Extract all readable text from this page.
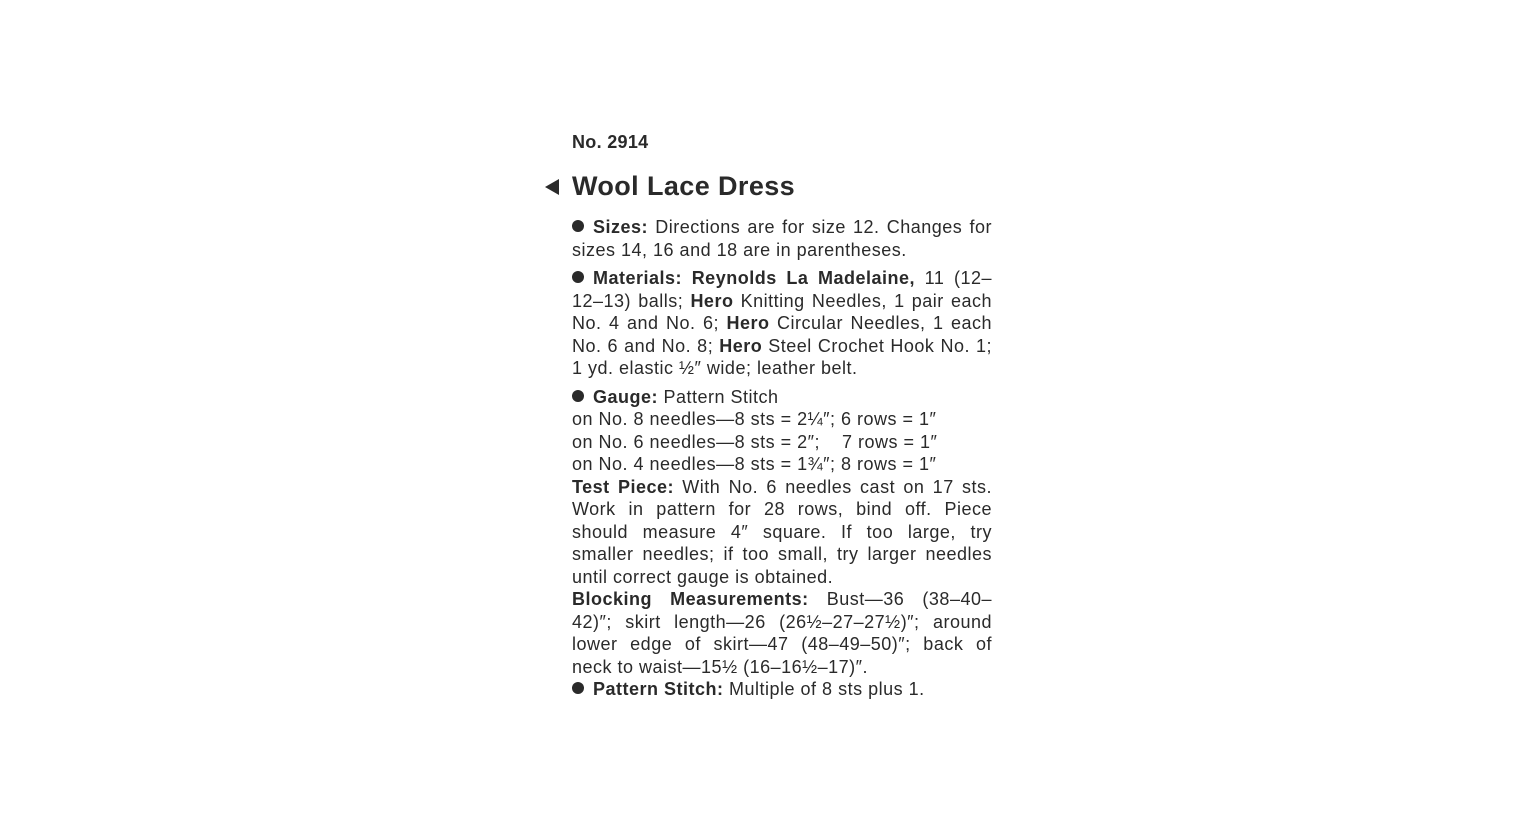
No. 2914

Wool Lace Dress

Sizes: Directions are for size 12. Changes for sizes 14, 16 and 18 are in parentheses.

Materials: Reynolds La Madelaine, 11 (12–12–13) balls; Hero Knitting Needles, 1 pair each No. 4 and No. 6; Hero Circular Needles, 1 each No. 6 and No. 8; Hero Steel Crochet Hook No. 1; 1 yd. elastic ½″ wide; leather belt.

Gauge: Pattern Stitch

on No. 8 needles—8 sts = 2¼″; 6 rows = 1″

on No. 6 needles—8 sts = 2″;    7 rows = 1″

on No. 4 needles—8 sts = 1¾″; 8 rows = 1″

Test Piece: With No. 6 needles cast on 17 sts. Work in pattern for 28 rows, bind off. Piece should measure 4″ square. If too large, try smaller needles; if too small, try larger needles until correct gauge is obtained.

Blocking Measurements: Bust—36 (38–40–42)″; skirt length—26 (26½–27–27½)″; around lower edge of skirt—47 (48–49–50)″; back of neck to waist—15½ (16–16½–17)″.

Pattern Stitch: Multiple of 8 sts plus 1.
